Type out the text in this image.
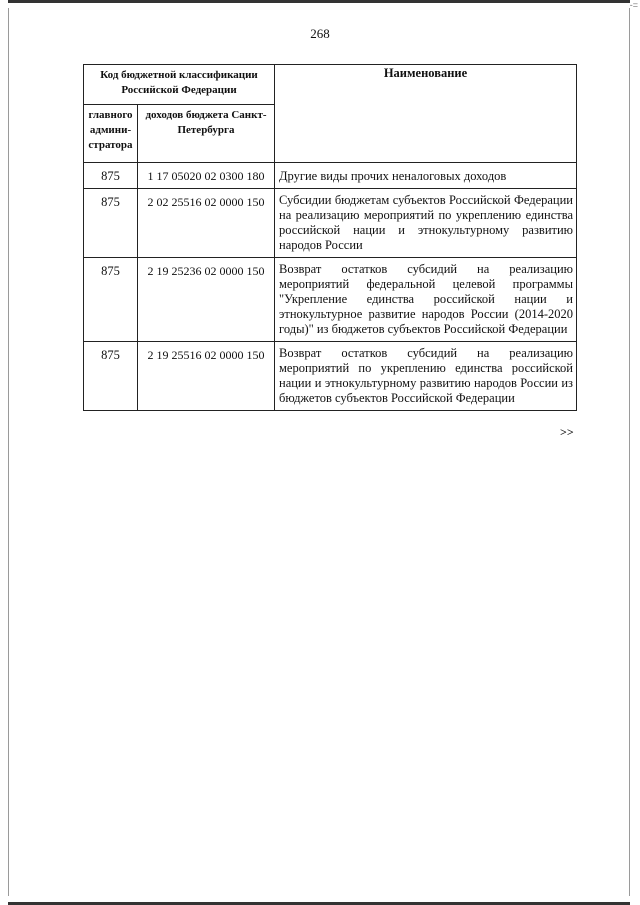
-=
268
Код бюджетной классификации Российской Федерации		Наименование
главного админи-стратора	доходов бюджета Санкт-Петербурга	
875	1 17 05020 02 0300 180	Другие виды прочих неналоговых доходов
875	2 02 25516 02 0000 150	Субсидии бюджетам субъектов Российской Федерации на реализацию мероприятий по укреплению единства российской нации и этнокультурному развитию народов России
875	2 19 25236 02 0000 150	Возврат остатков субсидий на реализацию мероприятий федеральной целевой программы "Укрепление единства российской нации и этнокультурное развитие народов России (2014-2020 годы)" из бюджетов субъектов Российской Федерации
875	2 19 25516 02 0000 150	Возврат остатков субсидий на реализацию мероприятий по укреплению единства российской нации и этнокультурному развитию народов России из бюджетов субъектов Российской Федерации
>>
